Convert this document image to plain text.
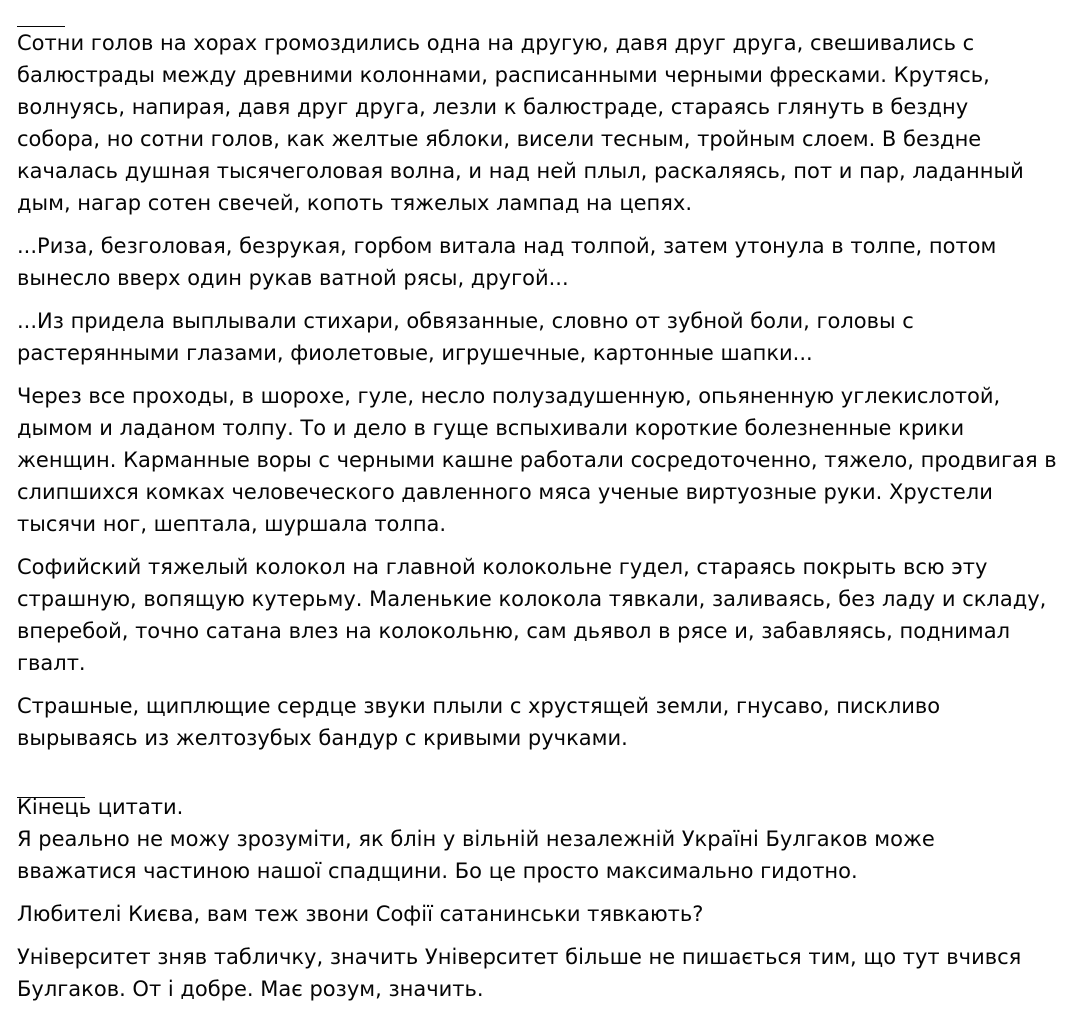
Сотни голов на хорах громоздились одна на другую, давя друг друга, свешивались с балюстрады между древними колоннами, расписанными черными фресками. Крутясь, волнуясь, напирая, давя друг друга, лезли к балюстраде, стараясь глянуть в бездну собора, но сотни голов, как желтые яблоки, висели тесным, тройным слоем. В бездне качалась душная тысячеголовая волна, и над ней плыл, раскаляясь, пот и пар, ладанный дым, нагар сотен свечей, копоть тяжелых лампад на цепях.
...Риза, безголовая, безрукая, горбом витала над толпой, затем утонула в толпе, потом вынесло вверх один рукав ватной рясы, другой...
...Из придела выплывали стихари, обвязанные, словно от зубной боли, головы с растерянными глазами, фиолетовые, игрушечные, картонные шапки...
Через все проходы, в шорохе, гуле, несло полузадушенную, опьяненную углекислотой, дымом и ладаном толпу. То и дело в гуще вспыхивали короткие болезненные крики женщин. Карманные воры с черными кашне работали сосредоточенно, тяжело, продвигая в слипшихся комках человеческого давленного мяса ученые виртуозные руки. Хрустели тысячи ног, шептала, шуршала толпа.
Софийский тяжелый колокол на главной колокольне гудел, стараясь покрыть всю эту страшную, вопящую кутерьму. Маленькие колокола тявкали, заливаясь, без ладу и складу, вперебой, точно сатана влез на колокольню, сам дьявол в рясе и, забавляясь, поднимал гвалт.
Страшные, щиплющие сердце звуки плыли с хрустящей земли, гнусаво, пискливо вырываясь из желтозубых бандур с кривыми ручками.
Кінець цитати.
Я реально не можу зрозуміти, як блін у вільній незалежній Україні Булгаков може вважатися частиною нашої спадщини. Бо це просто максимально гидотно.
Любителі Києва, вам теж звони Софії сатанинськи тявкають?
Університет зняв табличку, значить Університет більше не пишається тим, що тут вчився Булгаков. От і добре. Має розум, значить.
